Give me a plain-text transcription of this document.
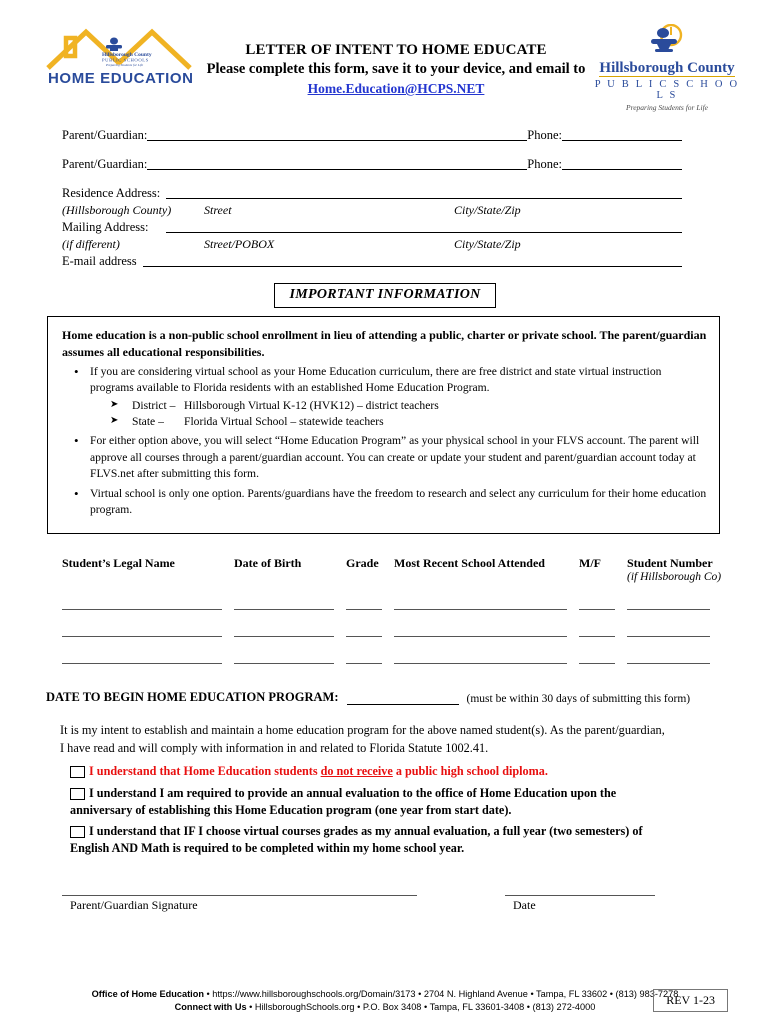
Hillsborough County
PUBLIC SCHOOLS
Preparing Students for Life
HOME EDUCATION
LETTER OF INTENT TO HOME EDUCATE
Please complete this form, save it to your device, and email to
Home.Education@HCPS.NET
Hillsborough County
P U B L I C S C H O O L S
Preparing Students for Life
Parent/Guardian:	Phone:
Parent/Guardian:	Phone:
Residence Address:
(Hillsborough County)	Street	City/State/Zip
Mailing Address:
(if different)	Street/POBOX	City/State/Zip
E-mail address
IMPORTANT INFORMATION
Home education is a non-public school enrollment in lieu of attending a public, charter or private school. The parent/guardian assumes all educational responsibilities.
• If you are considering virtual school as your Home Education curriculum, there are free district and state virtual instruction programs available to Florida residents with an established Home Education Program.
➤ District – Hillsborough Virtual K-12 (HVK12) – district teachers
➤ State – Florida Virtual School – statewide teachers
• For either option above, you will select “Home Education Program” as your physical school in your FLVS account. The parent will approve all courses through a parent/guardian account. You can create or update your student and parent/guardian account today at FLVS.net after submitting this form.
• Virtual school is only one option. Parents/guardians have the freedom to research and select any curriculum for their home education program.
Student’s Legal Name	Date of Birth	Grade	Most Recent School Attended	M/F	Student Number
(if Hillsborough Co)
DATE TO BEGIN HOME EDUCATION PROGRAM:	(must be within 30 days of submitting this form)
It is my intent to establish and maintain a home education program for the above named student(s). As the parent/guardian,
I have read and will comply with information in and related to Florida Statute 1002.41.
I understand that Home Education students do not receive a public high school diploma.
I understand I am required to provide an annual evaluation to the office of Home Education upon the
anniversary of establishing this Home Education program (one year from start date).
I understand that IF I choose virtual courses grades as my annual evaluation, a full year (two semesters) of
English AND Math is required to be completed within my home school year.
Parent/Guardian Signature	Date
Office of Home Education • https://www.hillsboroughschools.org/Domain/3173 • 2704 N. Highland Avenue • Tampa, FL 33602 • (813) 983-7278
Connect with Us • HillsboroughSchools.org • P.O. Box 3408 • Tampa, FL 33601-3408 • (813) 272-4000	REV 1-23
